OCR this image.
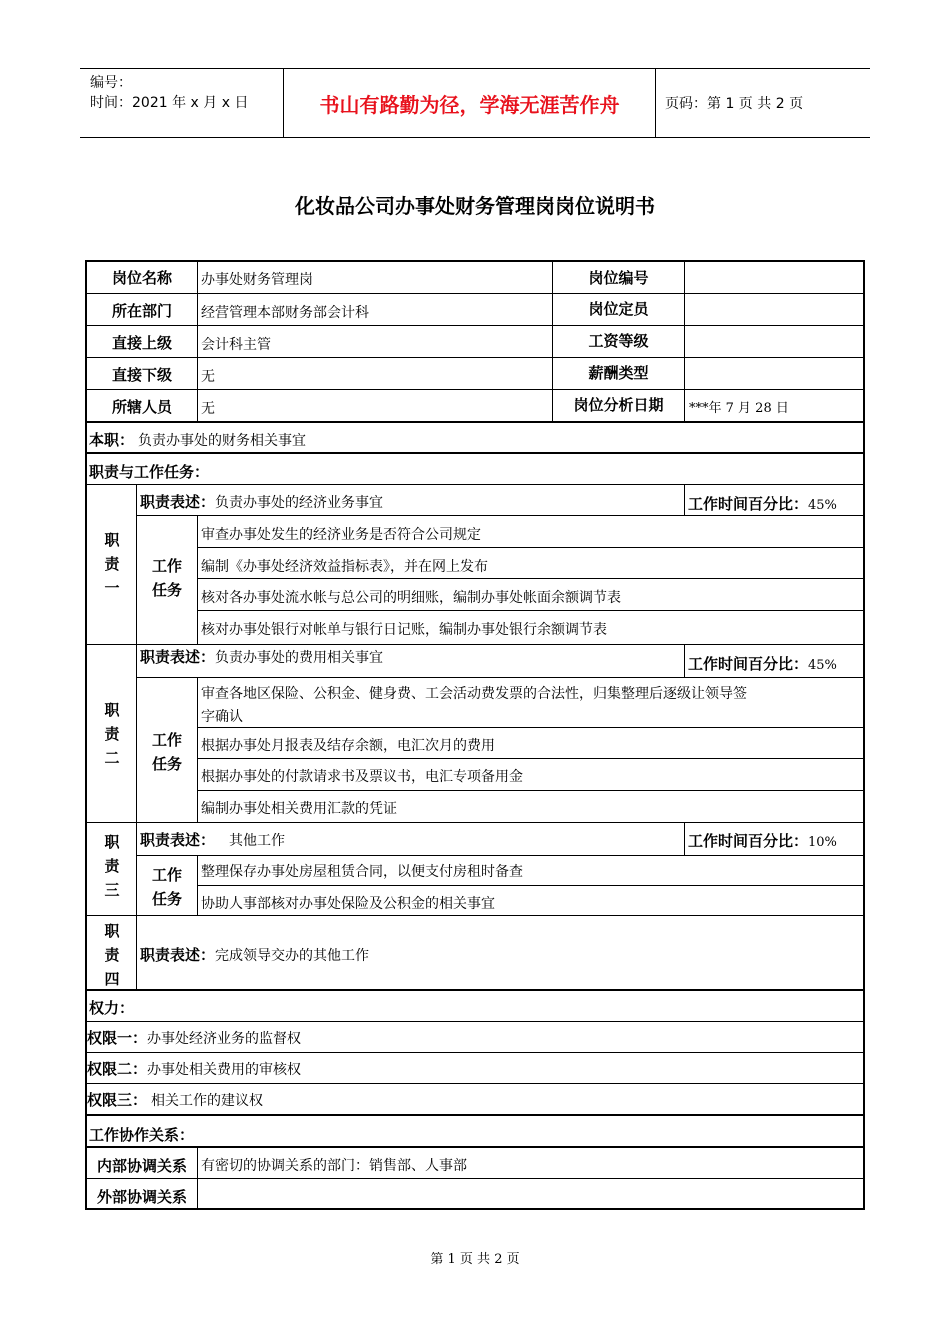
编号：
时间：2021 年 x 月 x 日	书山有路勤为径，学海无涯苦作舟	页码：第 1 页 共 2 页
化妆品公司办事处财务管理岗岗位说明书
岗位名称	办事处财务管理岗	岗位编号
所在部门	经营管理本部财务部会计科	岗位定员
直接上级	会计科主管	工资等级
直接下级	无	薪酬类型
所辖人员	无	岗位分析日期	***年 7 月 28 日
本职： 负责办事处的财务相关事宜
职责与工作任务：
职
责
一
职责表述：负责办事处的经济业务事宜	工作时间百分比：45%
工作
任务
审查办事处发生的经济业务是否符合公司规定
编制《办事处经济效益指标表》，并在网上发布
核对各办事处流水帐与总公司的明细账，编制办事处帐面余额调节表
核对办事处银行对帐单与银行日记账，编制办事处银行余额调节表
职
责
二
职责表述：负责办事处的费用相关事宜	工作时间百分比：45%
工作
任务
审查各地区保险、公积金、健身费、工会活动费发票的合法性，归集整理后逐级让领导签
字确认
根据办事处月报表及结存余额，电汇次月的费用
根据办事处的付款请求书及票议书，电汇专项备用金
编制办事处相关费用汇款的凭证
职
责
三
职责表述： 其他工作	工作时间百分比：10%
工作
任务
整理保存办事处房屋租赁合同，以便支付房租时备查
协助人事部核对办事处保险及公积金的相关事宜
职
责
四
职责表述：完成领导交办的其他工作
权力：
权限一：办事处经济业务的监督权
权限二：办事处相关费用的审核权
权限三： 相关工作的建议权
工作协作关系：
内部协调关系	有密切的协调关系的部门：销售部、人事部
外部协调关系
第 1 页 共 2 页
